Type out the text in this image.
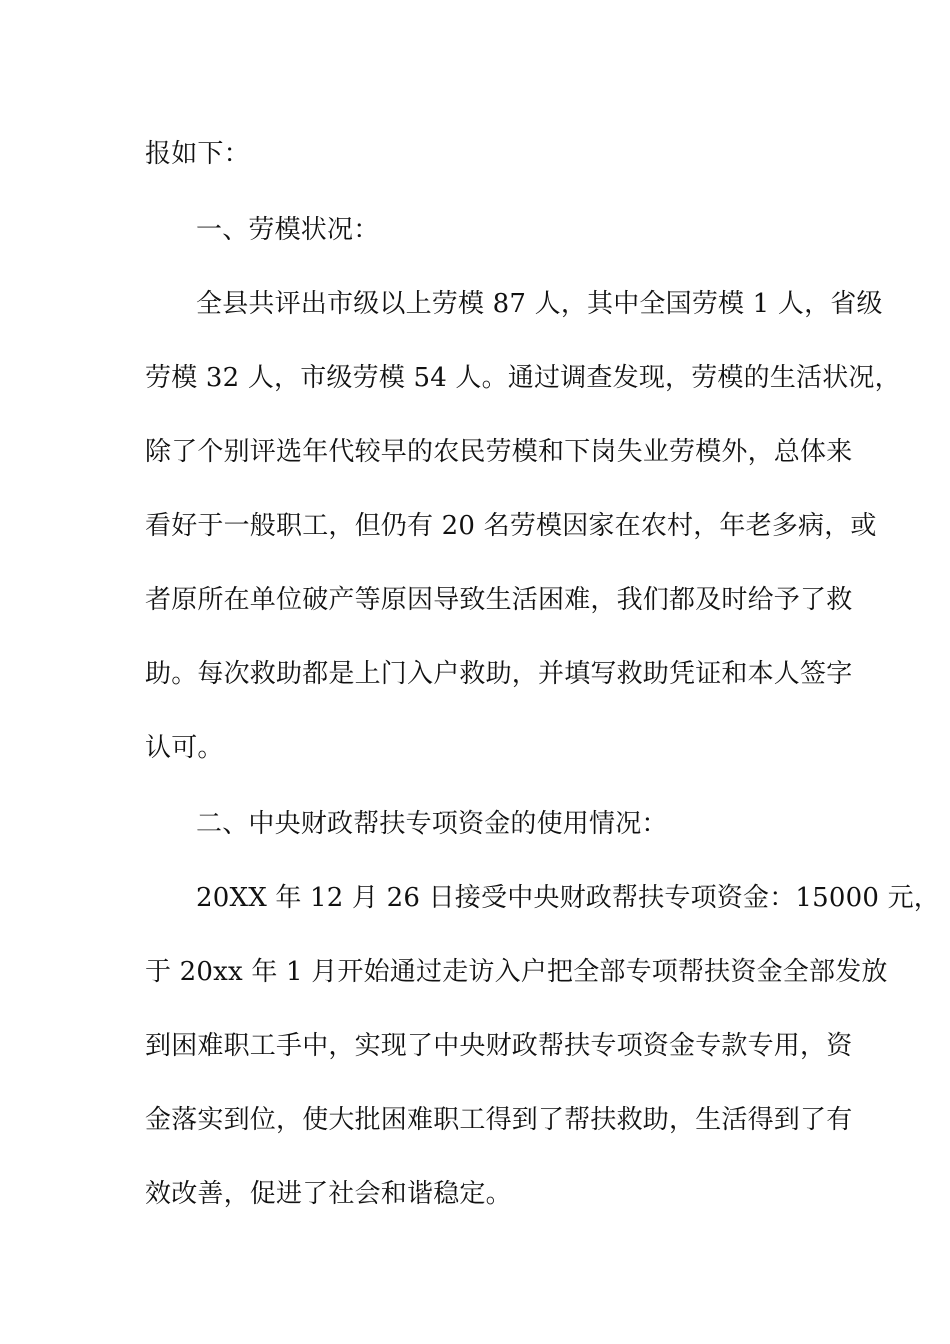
报如下：
一、劳模状况：
全县共评出市级以上劳模 87 人，其中全国劳模 1 人，省级
劳模 32 人，市级劳模 54 人。通过调查发现，劳模的生活状况，
除了个别评选年代较早的农民劳模和下岗失业劳模外，总体来
看好于一般职工，但仍有 20 名劳模因家在农村，年老多病，或
者原所在单位破产等原因导致生活困难，我们都及时给予了救
助。每次救助都是上门入户救助，并填写救助凭证和本人签字
认可。
二、中央财政帮扶专项资金的使用情况：
20XX 年 12 月 26 日接受中央财政帮扶专项资金：15000 元，
于 20xx 年 1 月开始通过走访入户把全部专项帮扶资金全部发放
到困难职工手中，实现了中央财政帮扶专项资金专款专用，资
金落实到位，使大批困难职工得到了帮扶救助，生活得到了有
效改善，促进了社会和谐稳定。
